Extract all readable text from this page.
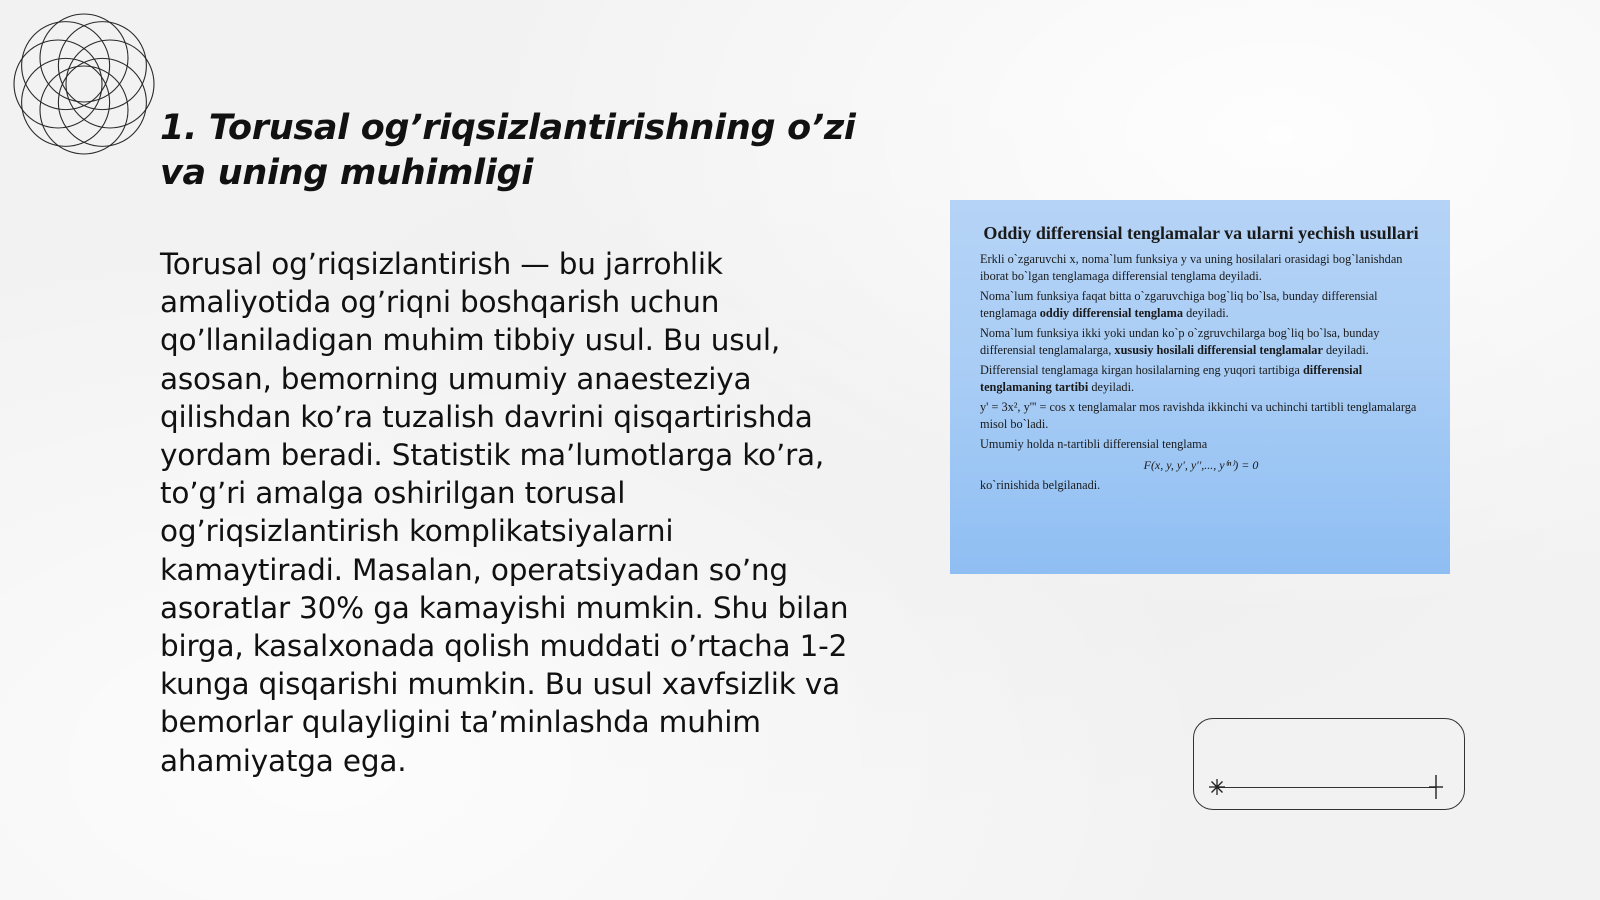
1. Torusal og’riqsizlantirishning o’zi va uning muhimligi

Torusal og’riqsizlantirish — bu jarrohlik amaliyotida og’riqni boshqarish uchun qo’llaniladigan muhim tibbiy usul. Bu usul, asosan, bemorning umumiy anaesteziya qilishdan ko’ra tuzalish davrini qisqartirishda yordam beradi. Statistik ma’lumotlarga ko’ra, to’g’ri amalga oshirilgan torusal og’riqsizlantirish komplikatsiyalarni kamaytiradi. Masalan, operatsiyadan so’ng asoratlar 30% ga kamayishi mumkin. Shu bilan birga, kasalxonada qolish muddati o’rtacha 1-2 kunga qisqarishi mumkin. Bu usul xavfsizlik va bemorlar qulayligini ta’minlashda muhim ahamiyatga ega.

Oddiy differensial tenglamalar va ularni yechish usullari

Erkli o`zgaruvchi x, noma`lum funksiya y va uning hosilalari orasidagi bog`lanishdan iborat bo`lgan tenglamaga differensial tenglama deyiladi.

Noma`lum funksiya faqat bitta o`zgaruvchiga bog`liq bo`lsa, bunday differensial tenglamaga oddiy differensial tenglama deyiladi.

Noma`lum funksiya ikki yoki undan ko`p o`zgruvchilarga bog`liq bo`lsa, bunday differensial tenglamalarga, xususiy hosilali differensial tenglamalar deyiladi.

Differensial tenglamaga kirgan hosilalarning eng yuqori tartibiga differensial tenglamaning tartibi deyiladi.

y' = 3x², y''' = cos x tenglamalar mos ravishda ikkinchi va uchinchi tartibli tenglamalarga misol bo`ladi.

Umumiy holda n-tartibli differensial tenglama

F(x, y, y', y'',..., y⁽ⁿ⁾) = 0

ko`rinishida belgilanadi.
